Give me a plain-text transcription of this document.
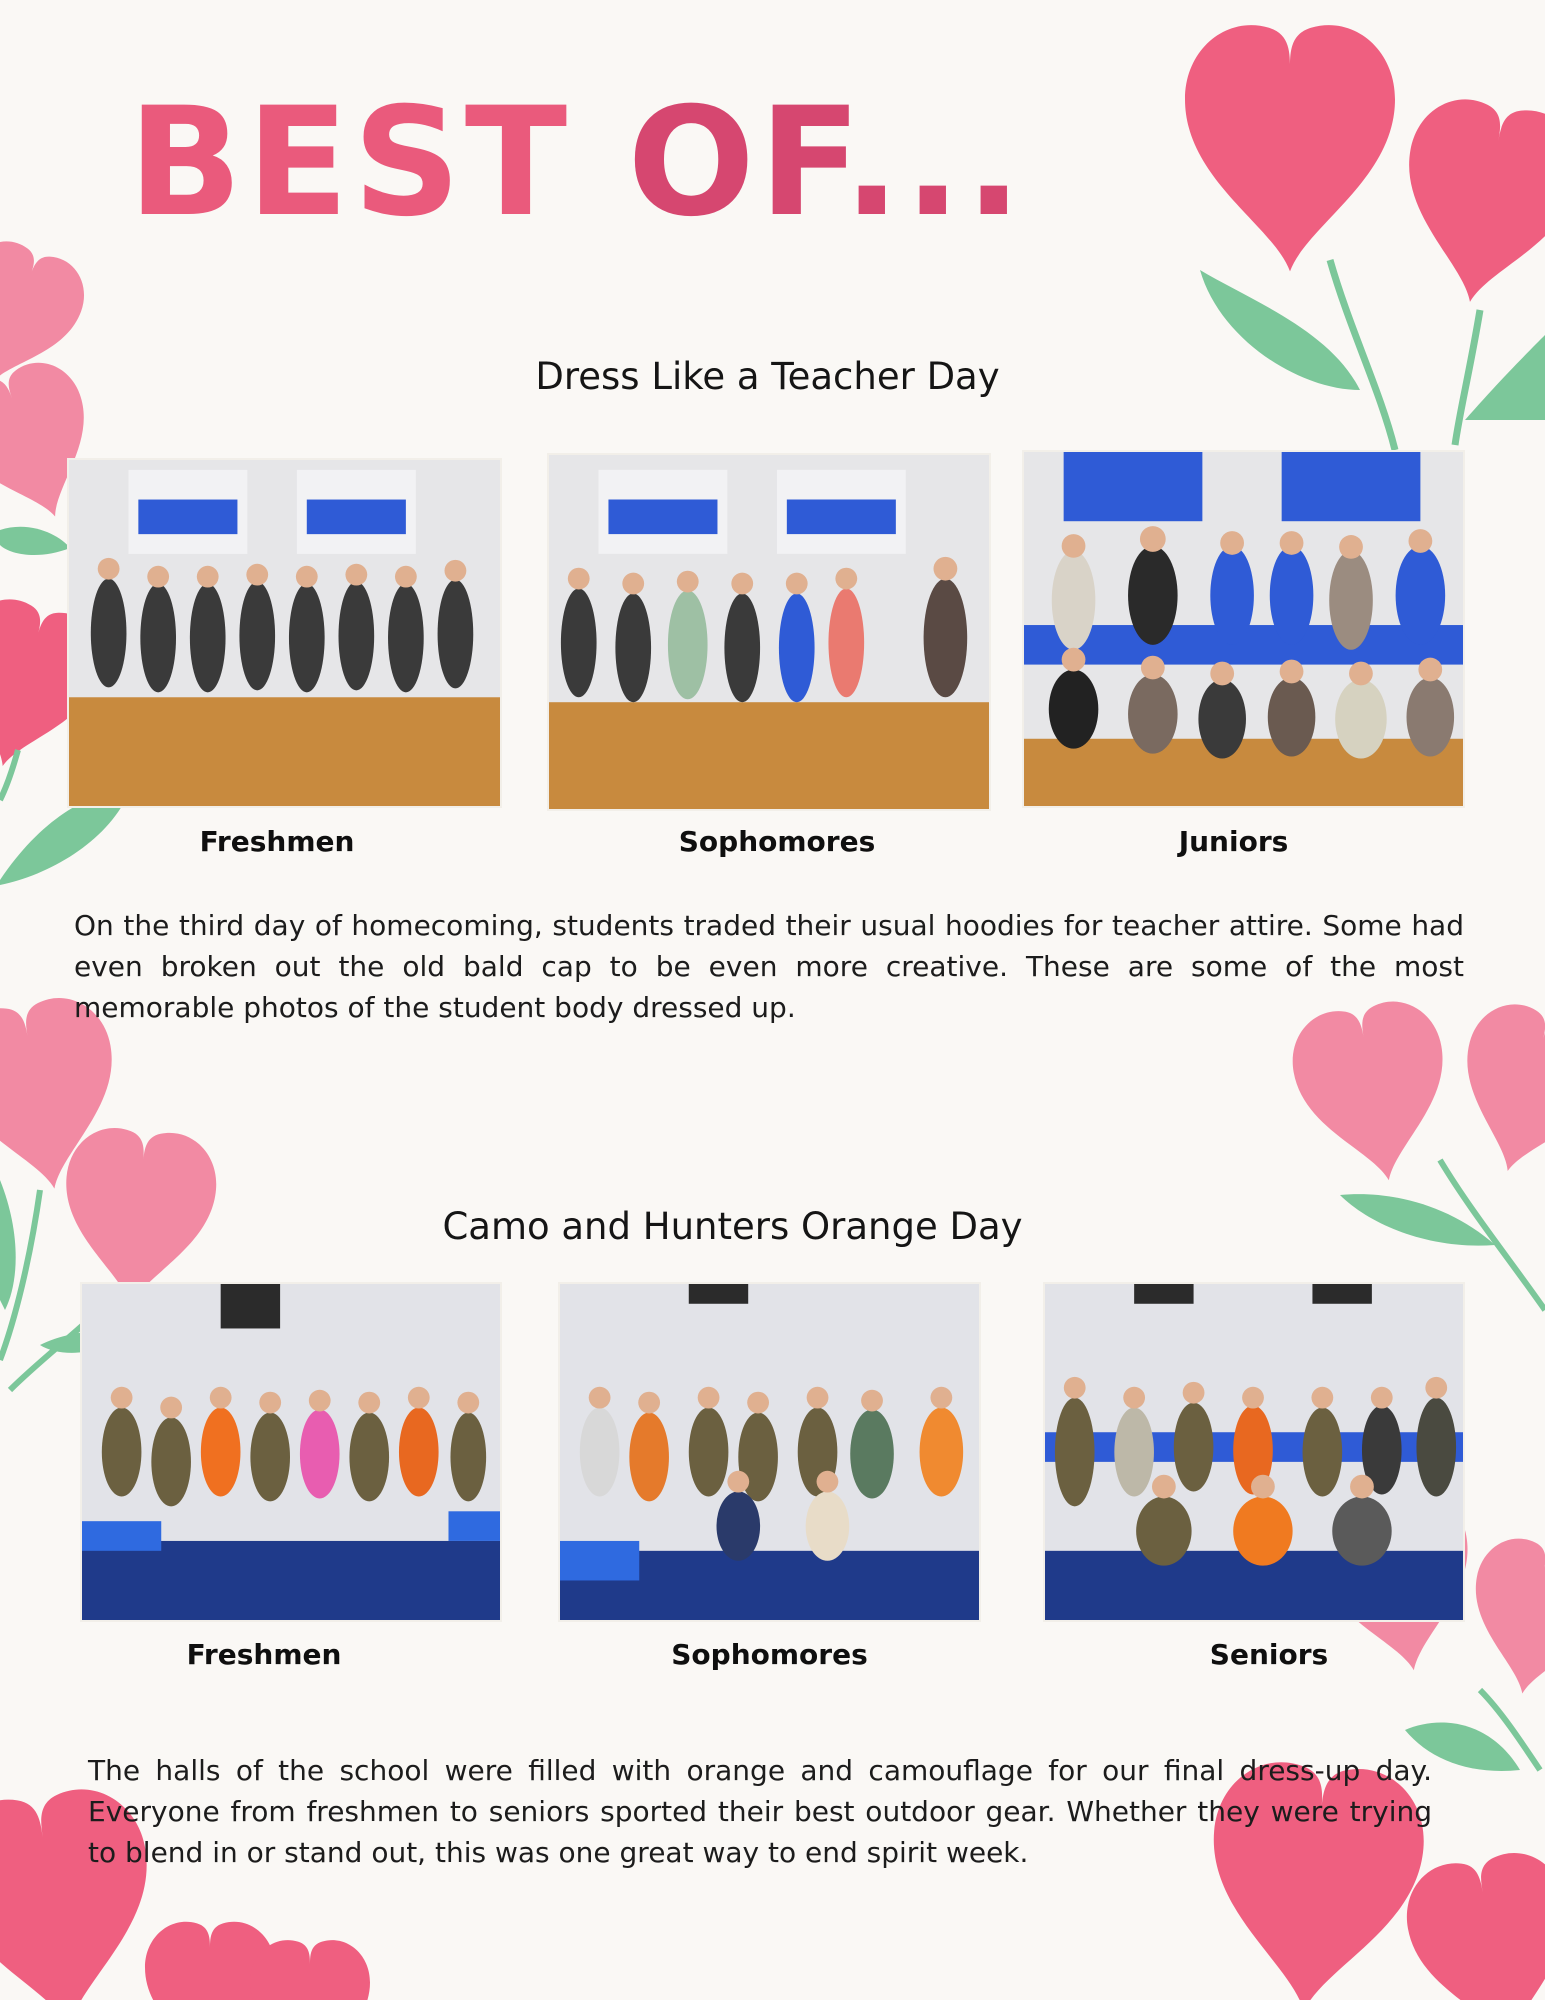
BEST OF...
Dress Like a Teacher Day

Freshmen	Sophomores	Juniors

On the third day of homecoming, students traded their usual hoodies for teacher attire. Some had even broken out the old bald cap to be even more creative. These are some of the most memorable photos of the student body dressed up.

Camo and Hunters Orange Day

Freshmen	Sophomores	Seniors

The halls of the school were filled with orange and camouflage for our final dress-up day. Everyone from freshmen to seniors sported their best outdoor gear. Whether they were trying to blend in or stand out, this was one great way to end spirit week.
